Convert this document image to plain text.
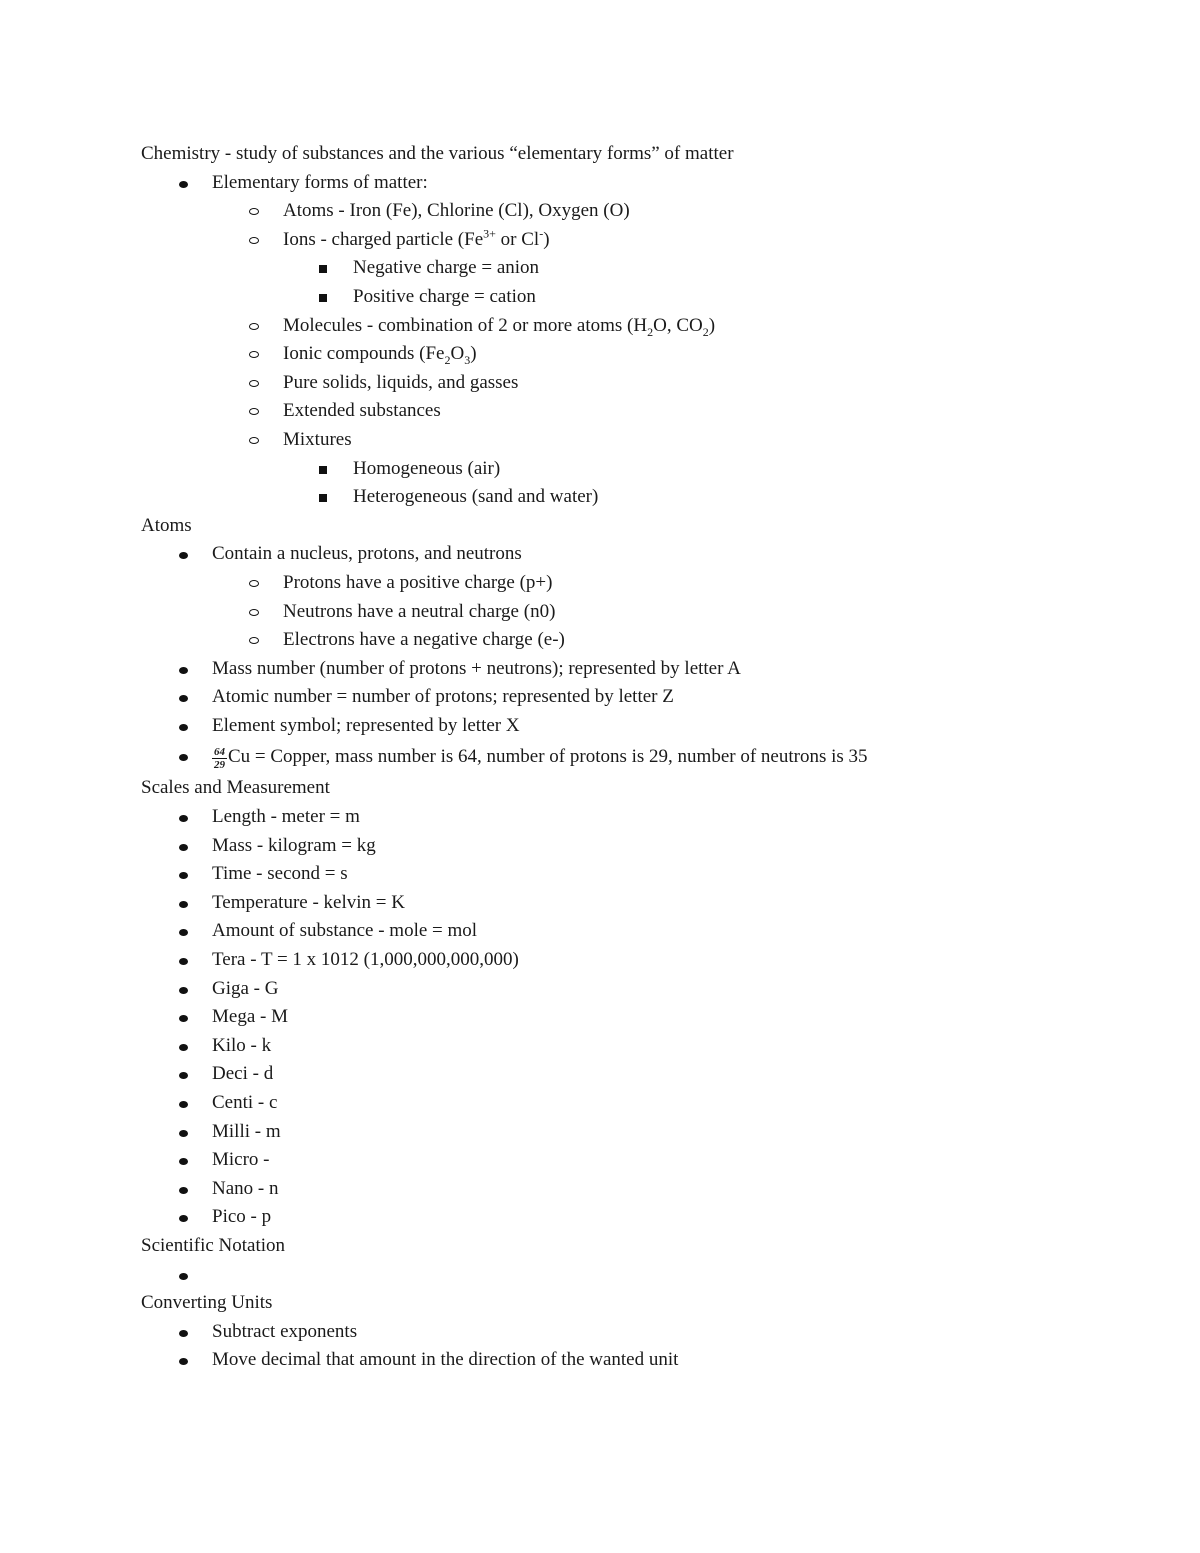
Chemistry - study of substances and the various “elementary forms” of matter
Elementary forms of matter:
Atoms - Iron (Fe), Chlorine (Cl), Oxygen (O)
Ions - charged particle ($Fe^{3+}$ or Cl-)
Negative charge = anion
Positive charge = cation
Molecules - combination of 2 or more atoms ($H_2O$, $CO_2$)
Ionic compounds $(Fe_2O_3)$
Pure solids, liquids, and gasses
Extended substances
Mixtures
Homogeneous (air)
Heterogeneous (sand and water)
Atoms
Contain a nucleus, protons, and neutrons
Protons have a positive charge (p+)
Neutrons have a neutral charge (n0)
Electrons have a negative charge (e-)
Mass number (number of protons + neutrons); represented by letter A
Atomic number = number of protons; represented by letter Z
Element symbol; represented by letter X
$\frac{64}{29}$ Cu = Copper, mass number is 64, number of protons is 29, number of neutrons is 35
Scales and Measurement
Length - meter = m
Mass - kilogram = kg
Time - second = s
Temperature - kelvin = K
Amount of substance - mole = mol
Tera - T = 1 x 1012 (1,000,000,000,000)
Giga - G
Mega - M
Kilo - k
Deci - d
Centi - c
Milli - m
Micro -
Nano - n
Pico - p
Scientific Notation
Converting Units
Subtract exponents
Move decimal that amount in the direction of the wanted unit
